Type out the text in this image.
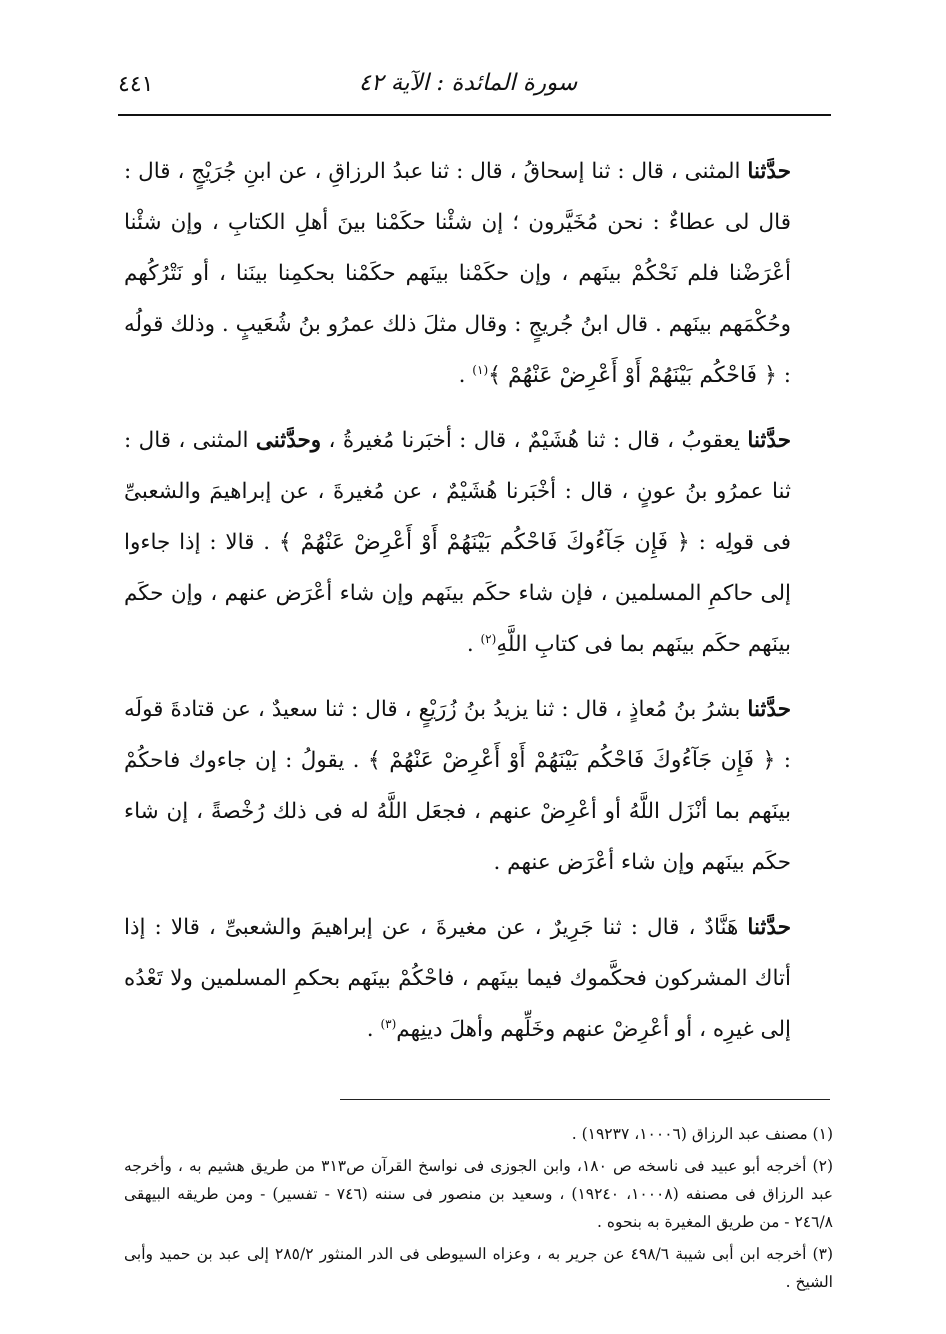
٤٤١	سورة المائدة : الآية ٤٢

حدَّثنا المثنى ، قال : ثنا إسحاقُ ، قال : ثنا عبدُ الرزاقِ ، عن ابنِ جُرَيْجٍ ، قال : قال لى عطاءٌ : نحن مُخَيَّرون ؛ إن شئْنا حكَمْنا بينَ أهلِ الكتابِ ، وإن شئْنا أعْرَضْنا فلم نَحْكُمْ بينَهم ، وإن حكَمْنا بينَهم حكَمْنا بحكمِنا بينَنا ، أو نَتْرُكُهم وحُكْمَهم بينَهم . قال ابنُ جُريجٍ : وقال مثلَ ذلك عمرُو بنُ شُعَيبٍ . وذلك قولُه : ﴿ فَاحْكُم بَيْنَهُمْ أَوْ أَعْرِضْ عَنْهُمْ ﴾$^{(١)}$ .

حدَّثنا يعقوبُ ، قال : ثنا هُشَيْمٌ ، قال : أخبَرنا مُغيرةُ ، وحدَّثنى المثنى ، قال : ثنا عمرُو بنُ عونٍ ، قال : أخْبَرنا هُشَيْمٌ ، عن مُغيرةَ ، عن إبراهيمَ والشعبىِّ فى قولِه : ﴿ فَإِن جَآءُوكَ فَاحْكُم بَيْنَهُمْ أَوْ أَعْرِضْ عَنْهُمْ ﴾ . قالا : إذا جاءوا إلى حاكمِ المسلمين ، فإن شاء حكَم بينَهم وإن شاء أعْرَض عنهم ، وإن حكَم بينَهم حكَم بينَهم بما فى كتابِ اللَّهِ$^{(٢)}$ .

حدَّثنا بشرُ بنُ مُعاذٍ ، قال : ثنا يزيدُ بنُ زُرَيْعٍ ، قال : ثنا سعيدٌ ، عن قتادةَ قولَه : ﴿ فَإِن جَآءُوكَ فَاحْكُم بَيْنَهُمْ أَوْ أَعْرِضْ عَنْهُمْ ﴾ . يقولُ : إن جاءوك فاحكُمْ بينَهم بما أنْزَل اللَّهُ أو أعْرِضْ عنهم ، فجعَل اللَّهُ له فى ذلك رُخْصةً ، إن شاء حكَم بينَهم وإن شاء أعْرَض عنهم .

حدَّثنا هَنَّادٌ ، قال : ثنا جَرِيرٌ ، عن مغيرةَ ، عن إبراهيمَ والشعبىِّ ، قالا : إذا أتاك المشركون فحكَّموك فيما بينَهم ، فاحْكُمْ بينَهم بحكمِ المسلمين ولا تَعْدُه إلى غيرِه ، أو أعْرِضْ عنهم وخَلِّهم وأهلَ دينِهم$^{(٣)}$ .

(١) مصنف عبد الرزاق (١٠٠٠٦، ١٩٢٣٧) .

(٢) أخرجه أبو عبيد فى ناسخه ص ١٨٠، وابن الجوزى فى نواسخ القرآن ص٣١٣ من طريق هشيم به ، وأخرجه عبد الرزاق فى مصنفه (١٠٠٠٨، ١٩٢٤٠) ، وسعيد بن منصور فى سننه (٧٤٦ - تفسير) - ومن طريقه البيهقى ٢٤٦/٨ - من طريق المغيرة به بنحوه .

(٣) أخرجه ابن أبى شيبة ٤٩٨/٦ عن جرير به ، وعزاه السيوطى فى الدر المنثور ٢٨٥/٢ إلى عبد بن حميد وأبى الشيخ .
